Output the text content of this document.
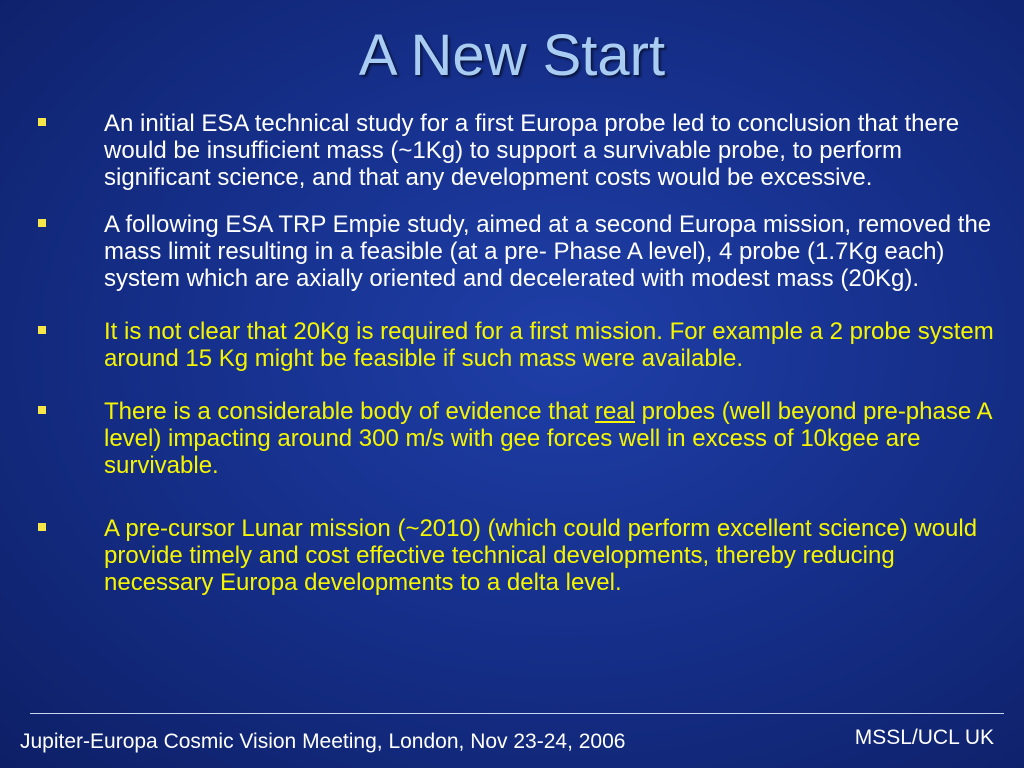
A New Start
An initial ESA technical study for a first Europa probe led to conclusion that there would be insufficient mass (~1Kg) to support a survivable probe, to perform significant science, and that any development costs would be excessive.
A following ESA TRP Empie study, aimed at a second Europa mission, removed the mass limit resulting in a feasible (at a pre- Phase A level), 4 probe (1.7Kg each) system which are axially oriented and decelerated with modest mass (20Kg).
It is not clear that 20Kg is required for a first mission. For example a 2 probe system around 15 Kg might be feasible if such mass were available.
There is a considerable body of evidence that real probes (well beyond pre-phase A level) impacting around 300 m/s with gee forces well in excess of 10kgee are survivable.
A pre-cursor Lunar mission (~2010) (which could perform excellent science) would provide timely and cost effective technical developments, thereby reducing necessary Europa developments to a delta level.
Jupiter-Europa Cosmic Vision Meeting, London, Nov 23-24, 2006	MSSL/UCL UK
